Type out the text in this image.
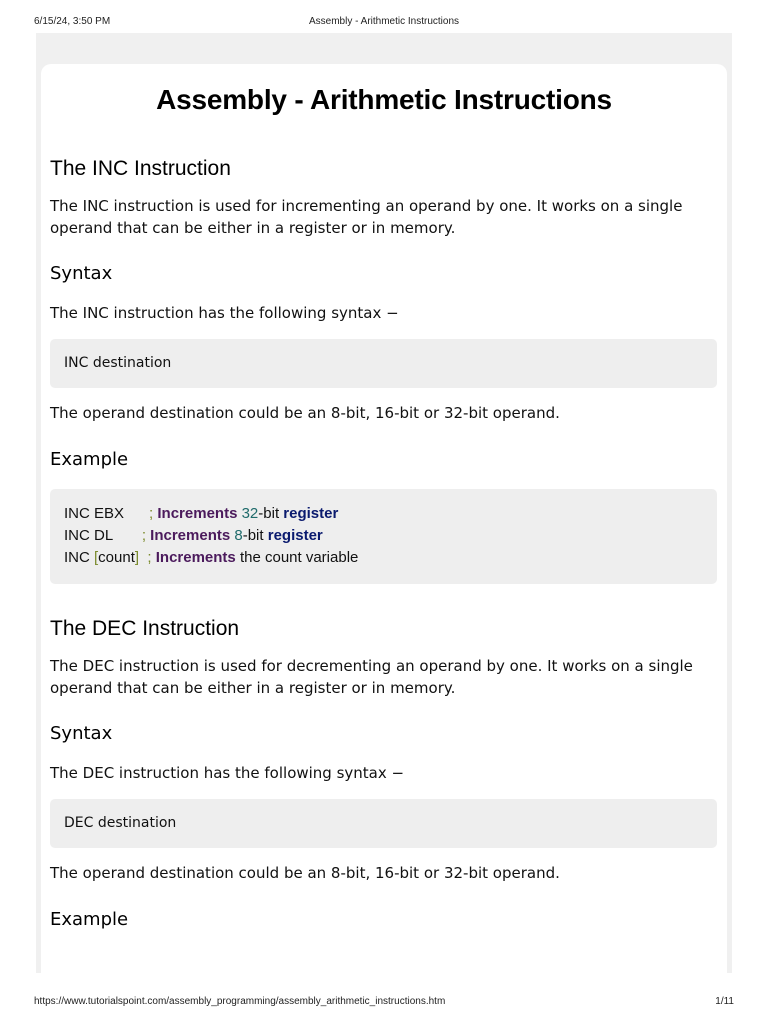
6/15/24, 3:50 PM	Assembly - Arithmetic Instructions
Assembly - Arithmetic Instructions
The INC Instruction

The INC instruction is used for incrementing an operand by one. It works on a single operand that can be either in a register or in memory.

Syntax

The INC instruction has the following syntax −

INC destination

The operand destination could be an 8-bit, 16-bit or 32-bit operand.

Example
INC EBX ; Increments 32-bit register
INC DL ; Increments 8-bit register
INC [count] ; Increments the count variable
The DEC Instruction

The DEC instruction is used for decrementing an operand by one. It works on a single operand that can be either in a register or in memory.

Syntax

The DEC instruction has the following syntax −

DEC destination

The operand destination could be an 8-bit, 16-bit or 32-bit operand.

Example
https://www.tutorialspoint.com/assembly_programming/assembly_arithmetic_instructions.htm	1/11
